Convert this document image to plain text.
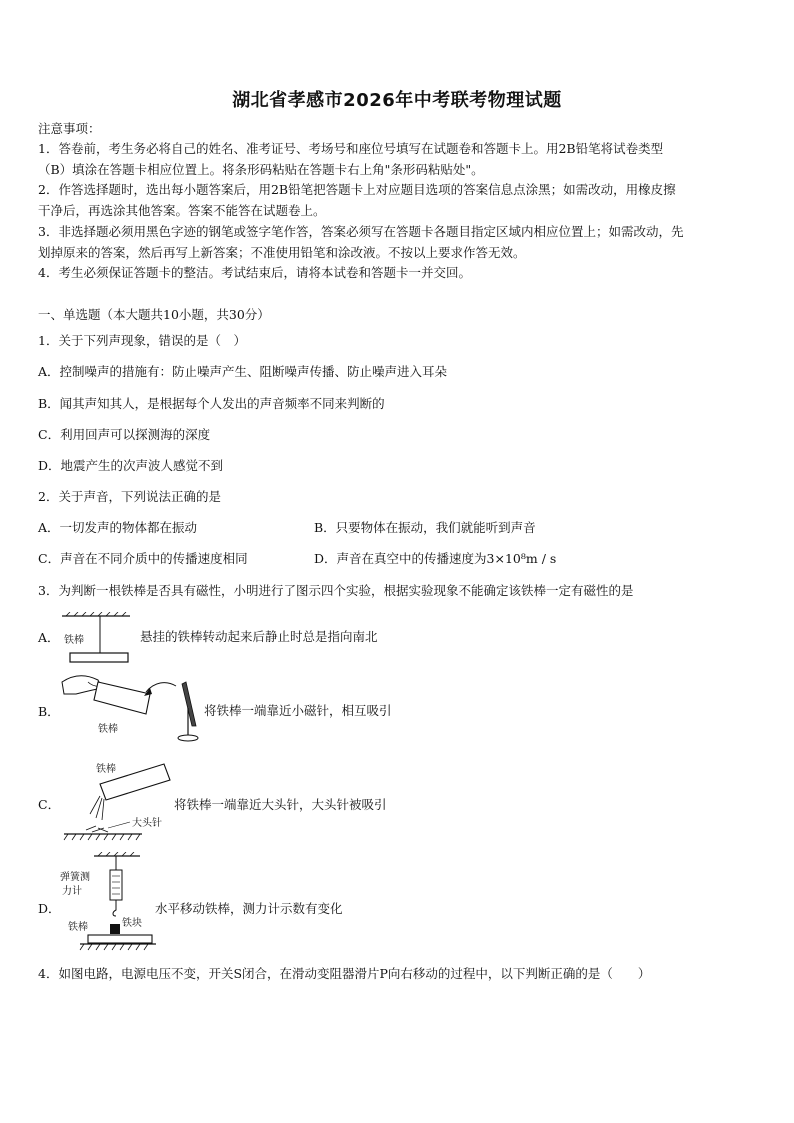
湖北省孝感市2026年中考联考物理试题
注意事项：
1．答卷前，考生务必将自己的姓名、准考证号、考场号和座位号填写在试题卷和答题卡上。用2B铅笔将试卷类型
（B）填涂在答题卡相应位置上。将条形码粘贴在答题卡右上角"条形码粘贴处"。
2．作答选择题时，选出每小题答案后，用2B铅笔把答题卡上对应题目选项的答案信息点涂黑；如需改动，用橡皮擦
干净后，再选涂其他答案。答案不能答在试题卷上。
3．非选择题必须用黑色字迹的钢笔或签字笔作答，答案必须写在答题卡各题目指定区域内相应位置上；如需改动，先
划掉原来的答案，然后再写上新答案；不准使用铅笔和涂改液。不按以上要求作答无效。
4．考生必须保证答题卡的整洁。考试结束后，请将本试卷和答题卡一并交回。
一、单选题（本大题共10小题，共30分）
1．关于下列声现象，错误的是（　）
A．控制噪声的措施有：防止噪声产生、阻断噪声传播、防止噪声进入耳朵
B．闻其声知其人，是根据每个人发出的声音频率不同来判断的
C．利用回声可以探测海的深度
D．地震产生的次声波人感觉不到
2．关于声音，下列说法正确的是
A．一切发声的物体都在振动	B．只要物体在振动，我们就能听到声音
C．声音在不同介质中的传播速度相同	D．声音在真空中的传播速度为3×10⁸m / s
3．为判断一根铁棒是否具有磁性，小明进行了图示四个实验，根据实验现象不能确定该铁棒一定有磁性的是
A． 铁棒	悬挂的铁棒转动起来后静止时总是指向南北
B．
铁棒
将铁棒一端靠近小磁针，相互吸引
C．
铁棒
大头针
将铁棒一端靠近大头针，大头针被吸引
D．
弹簧测
力计
铁块
铁棒
水平移动铁棒，测力计示数有变化
4．如图电路，电源电压不变，开关S闭合，在滑动变阻器滑片P向右移动的过程中，以下判断正确的是（　　）
